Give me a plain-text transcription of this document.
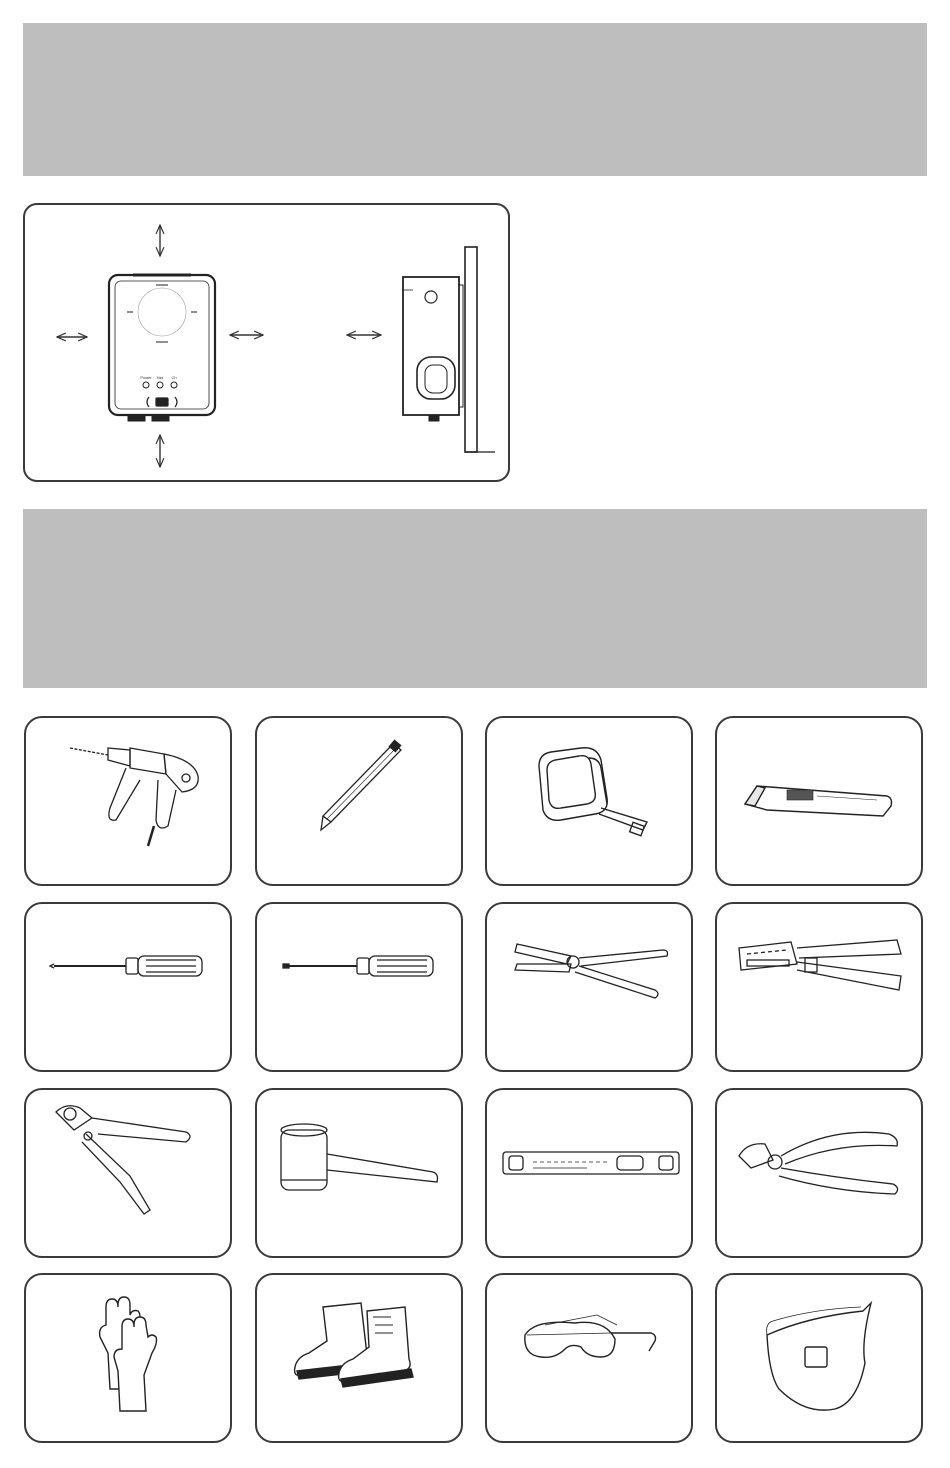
Power Net Ch
